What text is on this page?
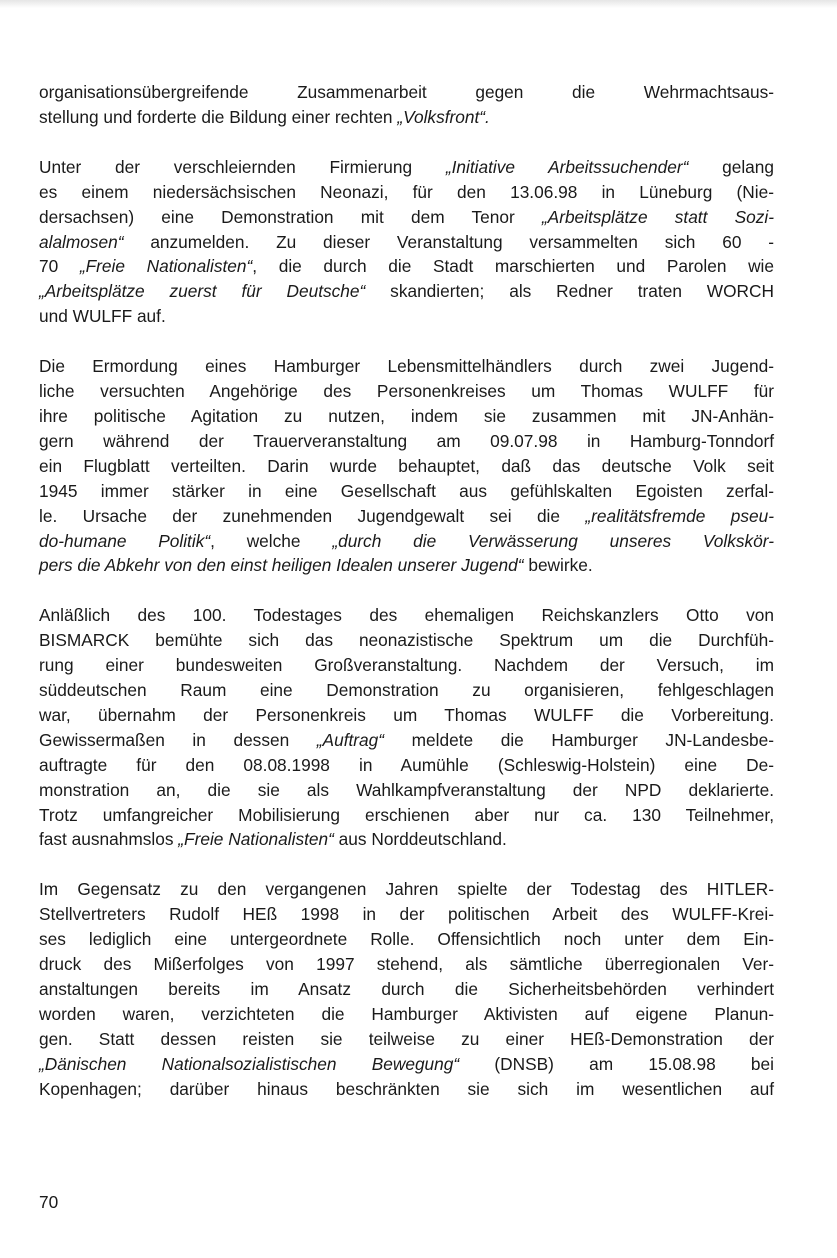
organisationsübergreifende Zusammenarbeit gegen die Wehrmachtsaus-
stellung und forderte die Bildung einer rechten „Volksfront“.

Unter der verschleiernden Firmierung „Initiative Arbeitssuchender“ gelang
es einem niedersächsischen Neonazi, für den 13.06.98 in Lüneburg (Nie-
dersachsen) eine Demonstration mit dem Tenor „Arbeitsplätze statt Sozi-
alalmosen“ anzumelden. Zu dieser Veranstaltung versammelten sich 60 -
70 „Freie Nationalisten“, die durch die Stadt marschierten und Parolen wie
„Arbeitsplätze zuerst für Deutsche“ skandierten; als Redner traten WORCH
und WULFF auf.

Die Ermordung eines Hamburger Lebensmittelhändlers durch zwei Jugend-
liche versuchten Angehörige des Personenkreises um Thomas WULFF für
ihre politische Agitation zu nutzen, indem sie zusammen mit JN-Anhän-
gern während der Trauerveranstaltung am 09.07.98 in Hamburg-Tonndorf
ein Flugblatt verteilten. Darin wurde behauptet, daß das deutsche Volk seit
1945 immer stärker in eine Gesellschaft aus gefühlskalten Egoisten zerfal-
le. Ursache der zunehmenden Jugendgewalt sei die „realitätsfremde pseu-
do-humane Politik“, welche „durch die Verwässerung unseres Volkskör-
pers die Abkehr von den einst heiligen Idealen unserer Jugend“ bewirke.

Anläßlich des 100. Todestages des ehemaligen Reichskanzlers Otto von
BISMARCK bemühte sich das neonazistische Spektrum um die Durchfüh-
rung einer bundesweiten Großveranstaltung. Nachdem der Versuch, im
süddeutschen Raum eine Demonstration zu organisieren, fehlgeschlagen
war, übernahm der Personenkreis um Thomas WULFF die Vorbereitung.
Gewissermaßen in dessen „Auftrag“ meldete die Hamburger JN-Landesbe-
auftragte für den 08.08.1998 in Aumühle (Schleswig-Holstein) eine De-
monstration an, die sie als Wahlkampfveranstaltung der NPD deklarierte.
Trotz umfangreicher Mobilisierung erschienen aber nur ca. 130 Teilnehmer,
fast ausnahmslos „Freie Nationalisten“ aus Norddeutschland.

Im Gegensatz zu den vergangenen Jahren spielte der Todestag des HITLER-
Stellvertreters Rudolf HEß 1998 in der politischen Arbeit des WULFF-Krei-
ses lediglich eine untergeordnete Rolle. Offensichtlich noch unter dem Ein-
druck des Mißerfolges von 1997 stehend, als sämtliche überregionalen Ver-
anstaltungen bereits im Ansatz durch die Sicherheitsbehörden verhindert
worden waren, verzichteten die Hamburger Aktivisten auf eigene Planun-
gen. Statt dessen reisten sie teilweise zu einer HEß-Demonstration der
„Dänischen Nationalsozialistischen Bewegung“ (DNSB) am 15.08.98 bei
Kopenhagen; darüber hinaus beschränkten sie sich im wesentlichen auf

70
